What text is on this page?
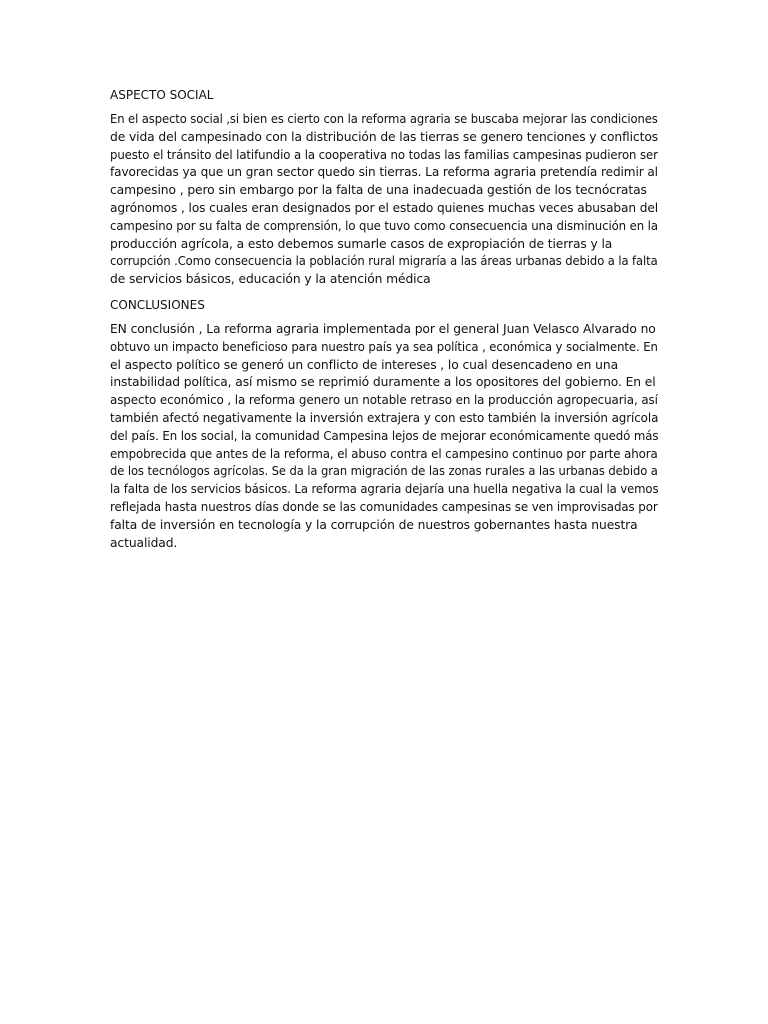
ASPECTO SOCIAL

En el aspecto social ,si bien es cierto con la reforma agraria se buscaba mejorar las condiciones
de vida del campesinado con la distribución de las tierras se genero tenciones y conflictos
puesto el tránsito del latifundio a la cooperativa no todas las familias campesinas pudieron ser
favorecidas ya que un gran sector quedo sin tierras. La reforma agraria pretendía redimir al
campesino , pero sin embargo por la falta de una inadecuada gestión de los tecnócratas
agrónomos , los cuales eran designados por el estado quienes muchas veces abusaban del
campesino por su falta de comprensión, lo que tuvo como consecuencia una disminución en la
producción agrícola, a esto debemos sumarle casos de expropiación de tierras y la
corrupción .Como consecuencia la población rural migraría a las áreas urbanas debido a la falta
de servicios básicos, educación y la atención médica

CONCLUSIONES

EN conclusión , La reforma agraria implementada por el general Juan Velasco Alvarado no
obtuvo un impacto beneficioso para nuestro país ya sea política , económica y socialmente. En
el aspecto político se generó un conflicto de intereses , lo cual desencadeno en una
instabilidad política, así mismo se reprimió duramente a los opositores del gobierno. En el
aspecto económico , la reforma genero un notable retraso en la producción agropecuaria, así
también afectó negativamente la inversión extrajera y con esto también la inversión agrícola
del país. En los social, la comunidad Campesina lejos de mejorar económicamente quedó más
empobrecida que antes de la reforma, el abuso contra el campesino continuo por parte ahora
de los tecnólogos agrícolas. Se da la gran migración de las zonas rurales a las urbanas debido a
la falta de los servicios básicos. La reforma agraria dejaría una huella negativa la cual la vemos
reflejada hasta nuestros días donde se las comunidades campesinas se ven improvisadas por
falta de inversión en tecnología y la corrupción de nuestros gobernantes hasta nuestra
actualidad.
